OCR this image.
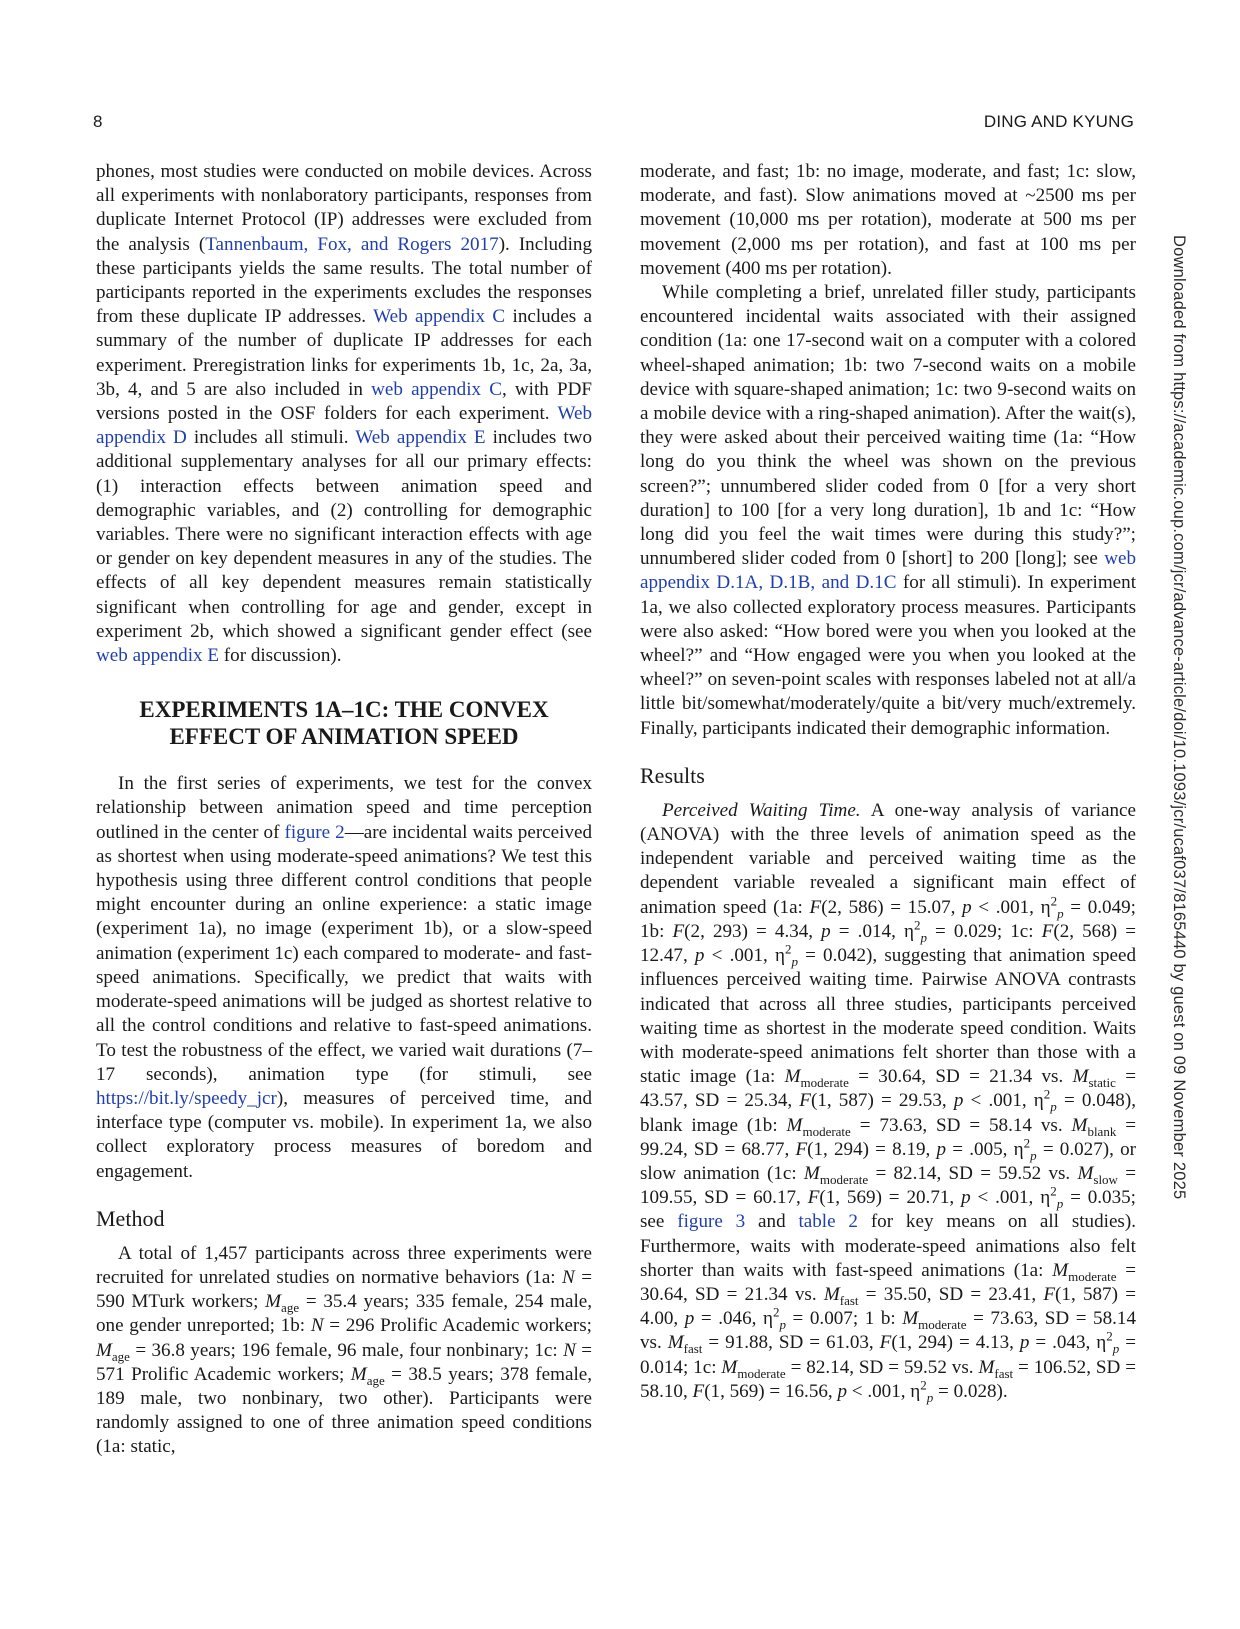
8	DING AND KYUNG

phones, most studies were conducted on mobile devices. Across all experiments with nonlaboratory participants, responses from duplicate Internet Protocol (IP) addresses were excluded from the analysis (Tannenbaum, Fox, and Rogers 2017). Including these participants yields the same results. The total number of participants reported in the experiments excludes the responses from these duplicate IP addresses. Web appendix C includes a summary of the number of duplicate IP addresses for each experiment. Preregistration links for experiments 1b, 1c, 2a, 3a, 3b, 4, and 5 are also included in web appendix C, with PDF versions posted in the OSF folders for each experiment. Web appendix D includes all stimuli. Web appendix E includes two additional supplementary analyses for all our primary effects: (1) interaction effects between animation speed and demographic variables, and (2) controlling for demographic variables. There were no significant interaction effects with age or gender on key dependent measures in any of the studies. The effects of all key dependent measures remain statistically significant when controlling for age and gender, except in experiment 2b, which showed a significant gender effect (see web appendix E for discussion).

EXPERIMENTS 1A–1C: THE CONVEX
EFFECT OF ANIMATION SPEED

In the first series of experiments, we test for the convex relationship between animation speed and time perception outlined in the center of figure 2—are incidental waits perceived as shortest when using moderate-speed animations? We test this hypothesis using three different control conditions that people might encounter during an online experience: a static image (experiment 1a), no image (experiment 1b), or a slow-speed animation (experiment 1c) each compared to moderate- and fast-speed animations. Specifically, we predict that waits with moderate-speed animations will be judged as shortest relative to all the control conditions and relative to fast-speed animations. To test the robustness of the effect, we varied wait durations (7–17 seconds), animation type (for stimuli, see https://bit.ly/speedy_jcr), measures of perceived time, and interface type (computer vs. mobile). In experiment 1a, we also collect exploratory process measures of boredom and engagement.

Method

A total of 1,457 participants across three experiments were recruited for unrelated studies on normative behaviors (1a: N = 590 MTurk workers; $M_{age} = 35.4$ years; 335 female, 254 male, one gender unreported; 1b: N = 296 Prolific Academic workers; $M_{age} = 36.8$ years; 196 female, 96 male, four nonbinary; 1c: N = 571 Prolific Academic workers; $M_{age} = 38.5$ years; 378 female, 189 male, two nonbinary, two other). Participants were randomly assigned to one of three animation speed conditions (1a: static,

moderate, and fast; 1b: no image, moderate, and fast; 1c: slow, moderate, and fast). Slow animations moved at ~2500 ms per movement (10,000 ms per rotation), moderate at 500 ms per movement (2,000 ms per rotation), and fast at 100 ms per movement (400 ms per rotation).

While completing a brief, unrelated filler study, participants encountered incidental waits associated with their assigned condition (1a: one 17-second wait on a computer with a colored wheel-shaped animation; 1b: two 7-second waits on a mobile device with square-shaped animation; 1c: two 9-second waits on a mobile device with a ring-shaped animation). After the wait(s), they were asked about their perceived waiting time (1a: “How long do you think the wheel was shown on the previous screen?”; unnumbered slider coded from 0 [for a very short duration] to 100 [for a very long duration], 1b and 1c: “How long did you feel the wait times were during this study?”; unnumbered slider coded from 0 [short] to 200 [long]; see web appendix D.1A, D.1B, and D.1C for all stimuli). In experiment 1a, we also collected exploratory process measures. Participants were also asked: “How bored were you when you looked at the wheel?” and “How engaged were you when you looked at the wheel?” on seven-point scales with responses labeled not at all/a little bit/somewhat/moderately/quite a bit/very much/extremely. Finally, participants indicated their demographic information.

Results

Perceived Waiting Time. A one-way analysis of variance (ANOVA) with the three levels of animation speed as the independent variable and perceived waiting time as the dependent variable revealed a significant main effect of animation speed (1a: F(2, 586) = 15.07, p < .001, $\eta^2_p = 0.049$; 1b: F(2, 293) = 4.34, p = .014, $\eta^2_p = 0.029$; 1c: F(2, 568) = 12.47, p < .001, $\eta^2_p = 0.042$), suggesting that animation speed influences perceived waiting time. Pairwise ANOVA contrasts indicated that across all three studies, participants perceived waiting time as shortest in the moderate speed condition. Waits with moderate-speed animations felt shorter than those with a static image (1a: $M_{moderate} = 30.64$, SD = 21.34 vs. $M_{static} = 43.57$, SD = 25.34, F(1, 587) = 29.53, p < .001, $\eta^2_p = 0.048$), blank image (1b: $M_{moderate} = 73.63$, SD = 58.14 vs. $M_{blank} = 99.24$, SD = 68.77, F(1, 294) = 8.19, p = .005, $\eta^2_p = 0.027$), or slow animation (1c: $M_{moderate} = 82.14$, SD = 59.52 vs. $M_{slow} = 109.55$, SD = 60.17, F(1, 569) = 20.71, p < .001, $\eta^2_p = 0.035$; see figure 3 and table 2 for key means on all studies). Furthermore, waits with moderate-speed animations also felt shorter than waits with fast-speed animations (1a: $M_{moderate} = 30.64$, SD = 21.34 vs. $M_{fast} = 35.50$, SD = 23.41, F(1, 587) = 4.00, p = .046, $\eta^2_p = 0.007$; 1 b: $M_{moderate} = 73.63$, SD = 58.14 vs. $M_{fast} = 91.88$, SD = 61.03, F(1, 294) = 4.13, p = .043, $\eta^2_p = 0.014$; 1c: $M_{moderate} = 82.14$, SD = 59.52 vs. $M_{fast} = 106.52$, SD = 58.10, F(1, 569) = 16.56, p < .001, $\eta^2_p = 0.028$).

Downloaded from https://academic.oup.com/jcr/advance-article/doi/10.1093/jcr/ucaf037/8165440 by guest on 09 November 2025
